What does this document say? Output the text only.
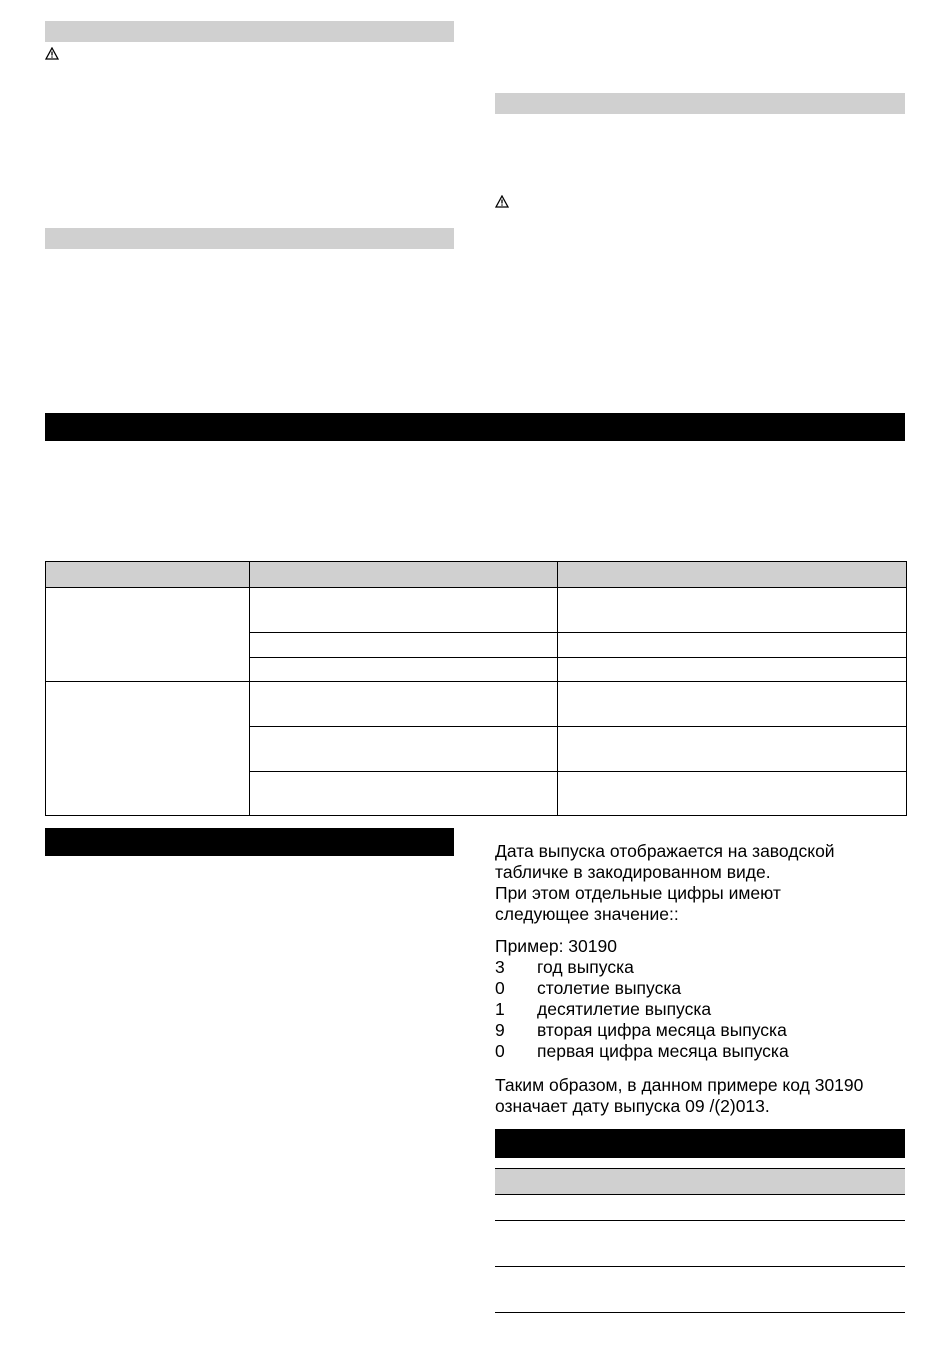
Дата выпуска отображается на заводской
табличке в закодированном виде.
При этом отдельные цифры имеют
следующее значение::
Пример: 30190
3	год выпуска
0	столетие выпуска
1	десятилетие выпуска
9	вторая цифра месяца выпуска
0	первая цифра месяца выпуска
Таким образом, в данном примере код 30190
означает дату выпуска 09 /(2)013.
